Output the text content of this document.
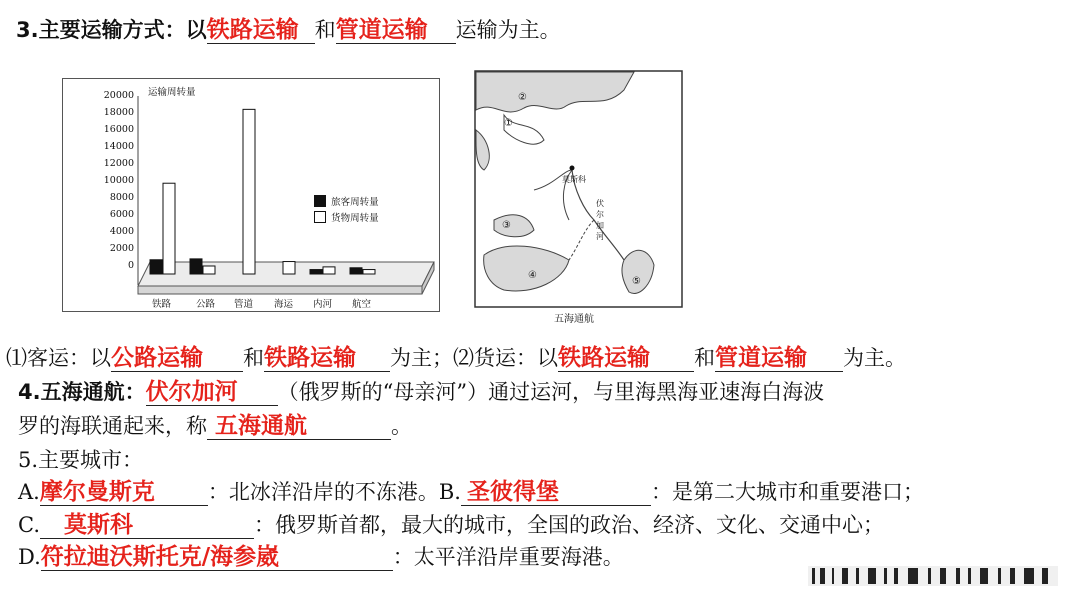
3.主要运输方式：以铁路运输 和管道运输 运输为主。
运输周转量
20000
18000
16000
14000
12000
10000
8000
6000
4000
2000
0
铁路	公路 管道 海运 内河 航空
旅客周转量
货物周转量
莫斯科
①
②
③
④
⑤
伏尔加河
五海通航
⑴客运：以公路运输 和铁路运输 为主；⑵货运：以铁路运输 和管道运输 为主。
4.五海通航：伏尔加河 （俄罗斯的“母亲河”）通过运河，与里海黑海亚速海白海波
罗的海联通起来，称 五海通航	。
5.主要城市：
A.摩尔曼斯克	：北冰洋沿岸的不冻港。B. 圣彼得堡	：是第二大城市和重要港口；
C. 莫斯科	：俄罗斯首都，最大的城市，全国的政治、经济、文化、交通中心；
D.符拉迪沃斯托克/海参崴	：太平洋沿岸重要海港。
